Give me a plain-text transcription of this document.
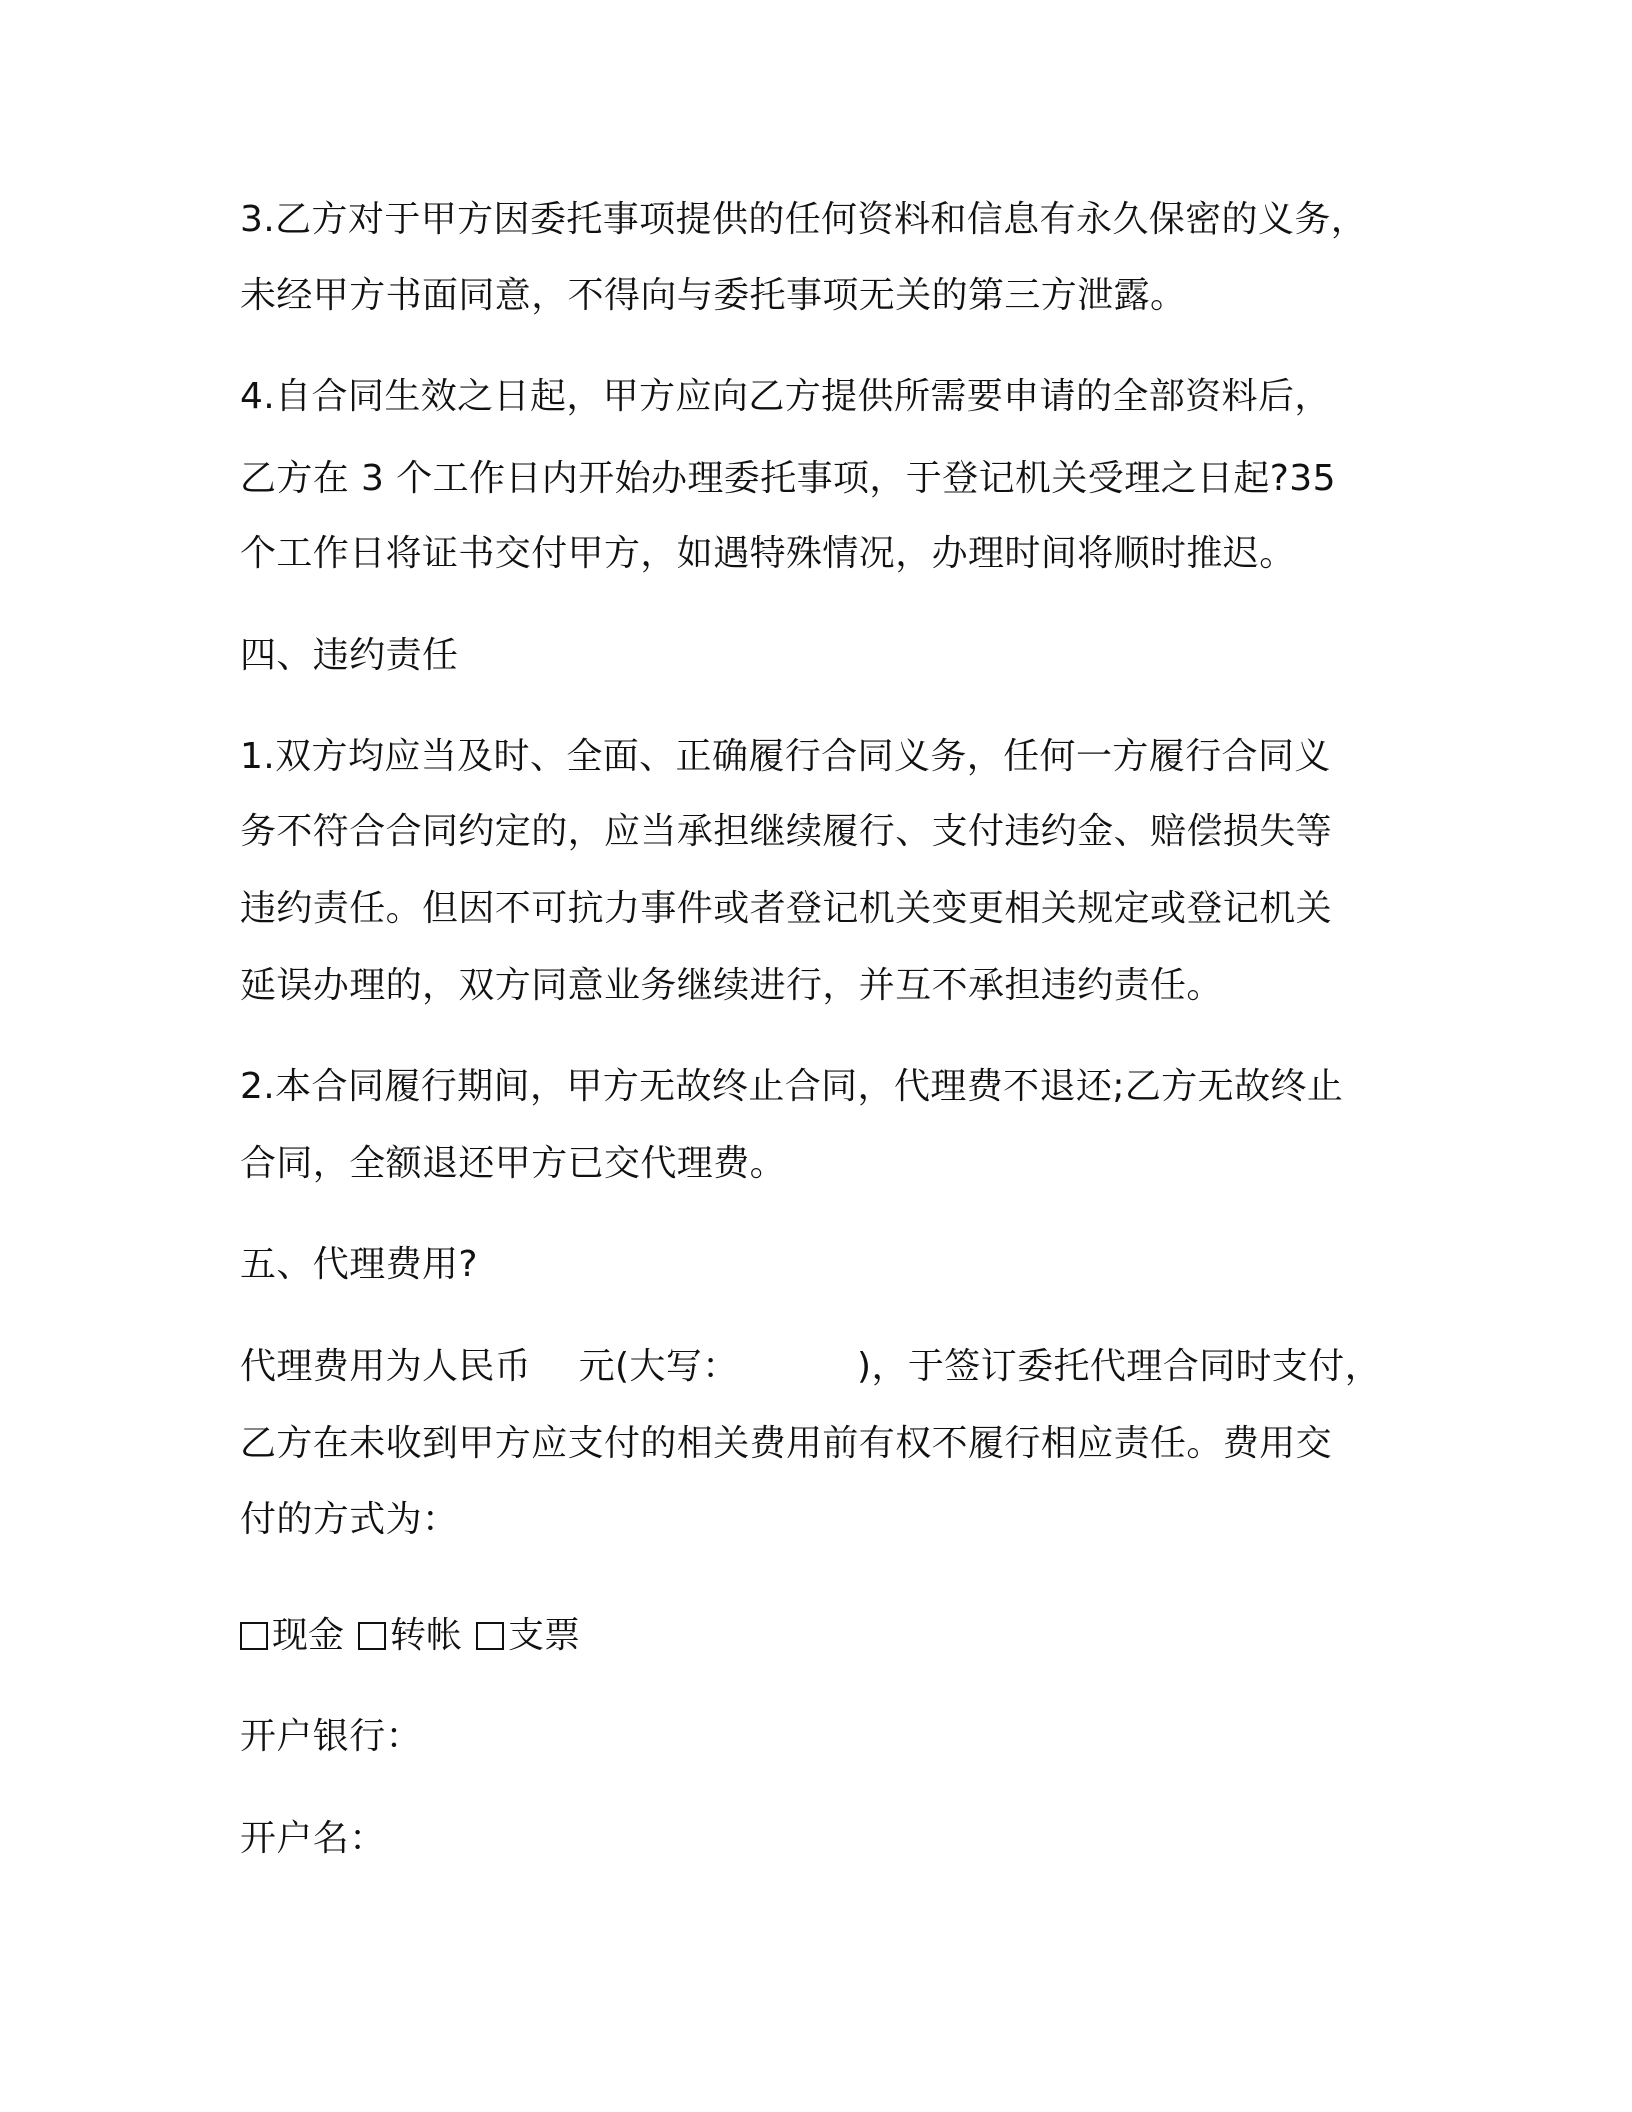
3.乙方对于甲方因委托事项提供的任何资料和信息有永久保密的义务，
未经甲方书面同意，不得向与委托事项无关的第三方泄露。
4.自合同生效之日起，甲方应向乙方提供所需要申请的全部资料后，
乙方在 3 个工作日内开始办理委托事项，于登记机关受理之日起?35
个工作日将证书交付甲方，如遇特殊情况，办理时间将顺时推迟。
四、违约责任
1.双方均应当及时、全面、正确履行合同义务，任何一方履行合同义
务不符合合同约定的，应当承担继续履行、支付违约金、赔偿损失等
违约责任。但因不可抗力事件或者登记机关变更相关规定或登记机关
延误办理的，双方同意业务继续进行，并互不承担违约责任。
2.本合同履行期间，甲方无故终止合同，代理费不退还;乙方无故终止
合同，全额退还甲方已交代理费。
五、代理费用?
代理费用为人民币    元(大写：          )，于签订委托代理合同时支付，
乙方在未收到甲方应支付的相关费用前有权不履行相应责任。费用交
付的方式为：
现金 转帐 支票
开户银行：
开户名：
